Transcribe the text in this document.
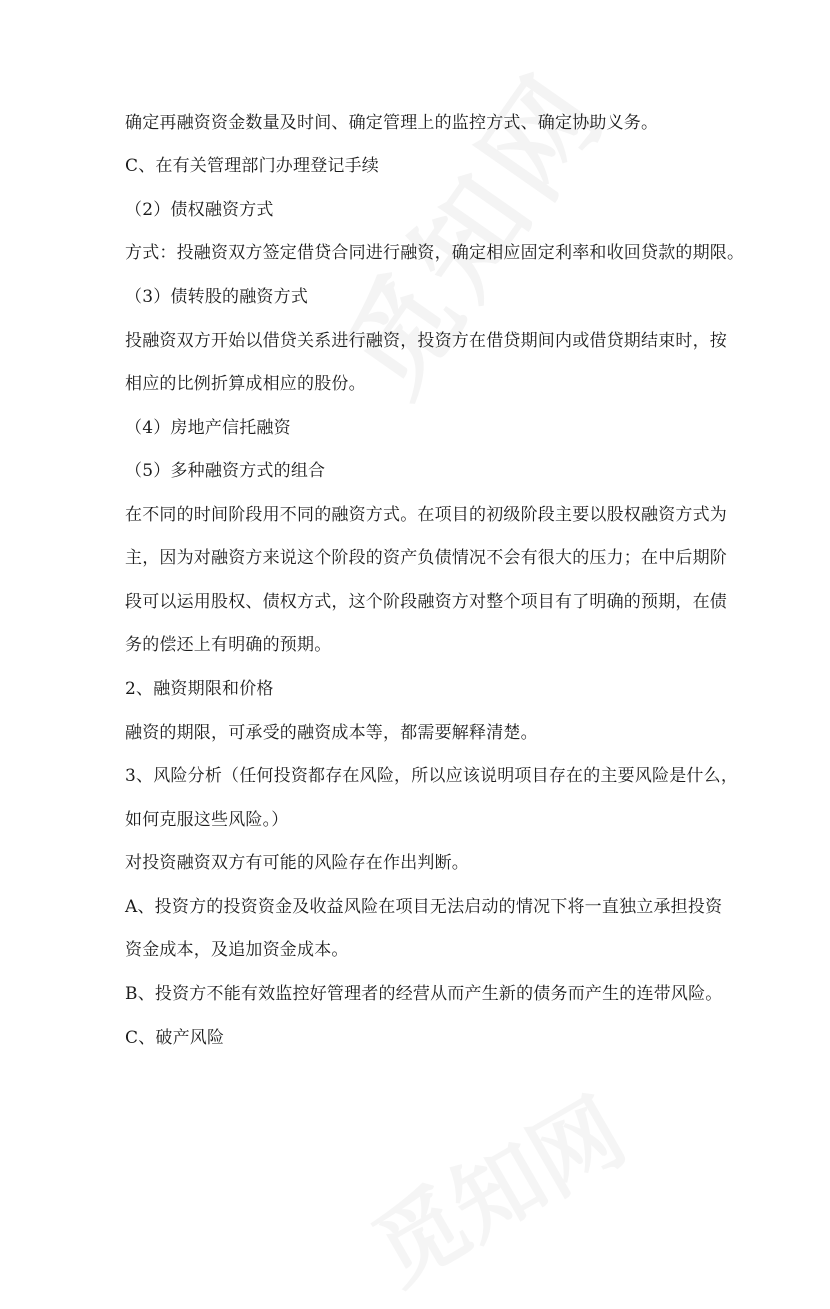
确定再融资资金数量及时间、确定管理上的监控方式、确定协助义务。
C、在有关管理部门办理登记手续
（2）债权融资方式
方式：投融资双方签定借贷合同进行融资，确定相应固定利率和收回贷款的期限。
（3）债转股的融资方式
投融资双方开始以借贷关系进行融资，投资方在借贷期间内或借贷期结束时，按
相应的比例折算成相应的股份。
（4）房地产信托融资
（5）多种融资方式的组合
在不同的时间阶段用不同的融资方式。在项目的初级阶段主要以股权融资方式为
主，因为对融资方来说这个阶段的资产负债情况不会有很大的压力；在中后期阶
段可以运用股权、债权方式，这个阶段融资方对整个项目有了明确的预期，在债
务的偿还上有明确的预期。
2、融资期限和价格
融资的期限，可承受的融资成本等，都需要解释清楚。
3、风险分析（任何投资都存在风险，所以应该说明项目存在的主要风险是什么，
如何克服这些风险。）
对投资融资双方有可能的风险存在作出判断。
A、投资方的投资资金及收益风险在项目无法启动的情况下将一直独立承担投资
资金成本，及追加资金成本。
B、投资方不能有效监控好管理者的经营从而产生新的债务而产生的连带风险。
C、破产风险
